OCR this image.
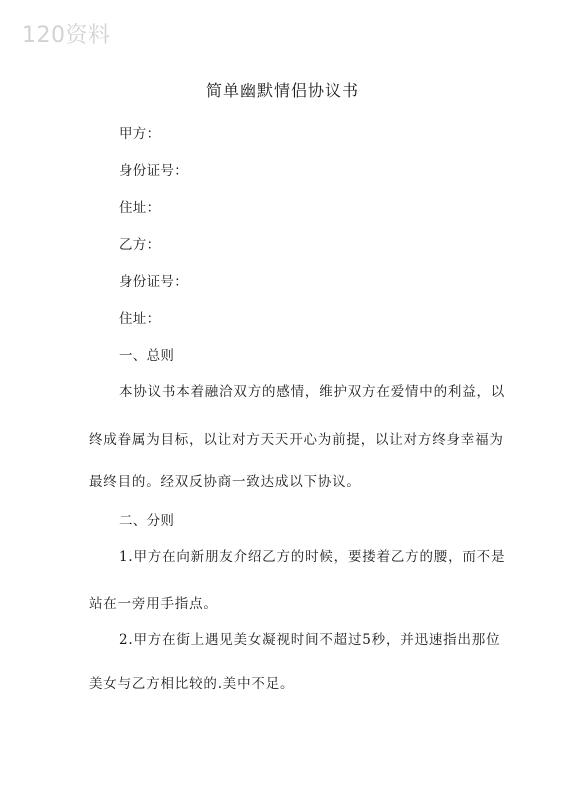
120资料
简单幽默情侣协议书
甲方：
身份证号：
住址：
乙方：
身份证号：
住址：
一、总则
本协议书本着融洽双方的感情，维护双方在爱情中的利益，以
终成眷属为目标，以让对方天天开心为前提，以让对方终身幸福为
最终目的。经双反协商一致达成以下协议。
二、分则
1.甲方在向新朋友介绍乙方的时候，要搂着乙方的腰，而不是
站在一旁用手指点。
2.甲方在街上遇见美女凝视时间不超过5秒，并迅速指出那位
美女与乙方相比较的.美中不足。
